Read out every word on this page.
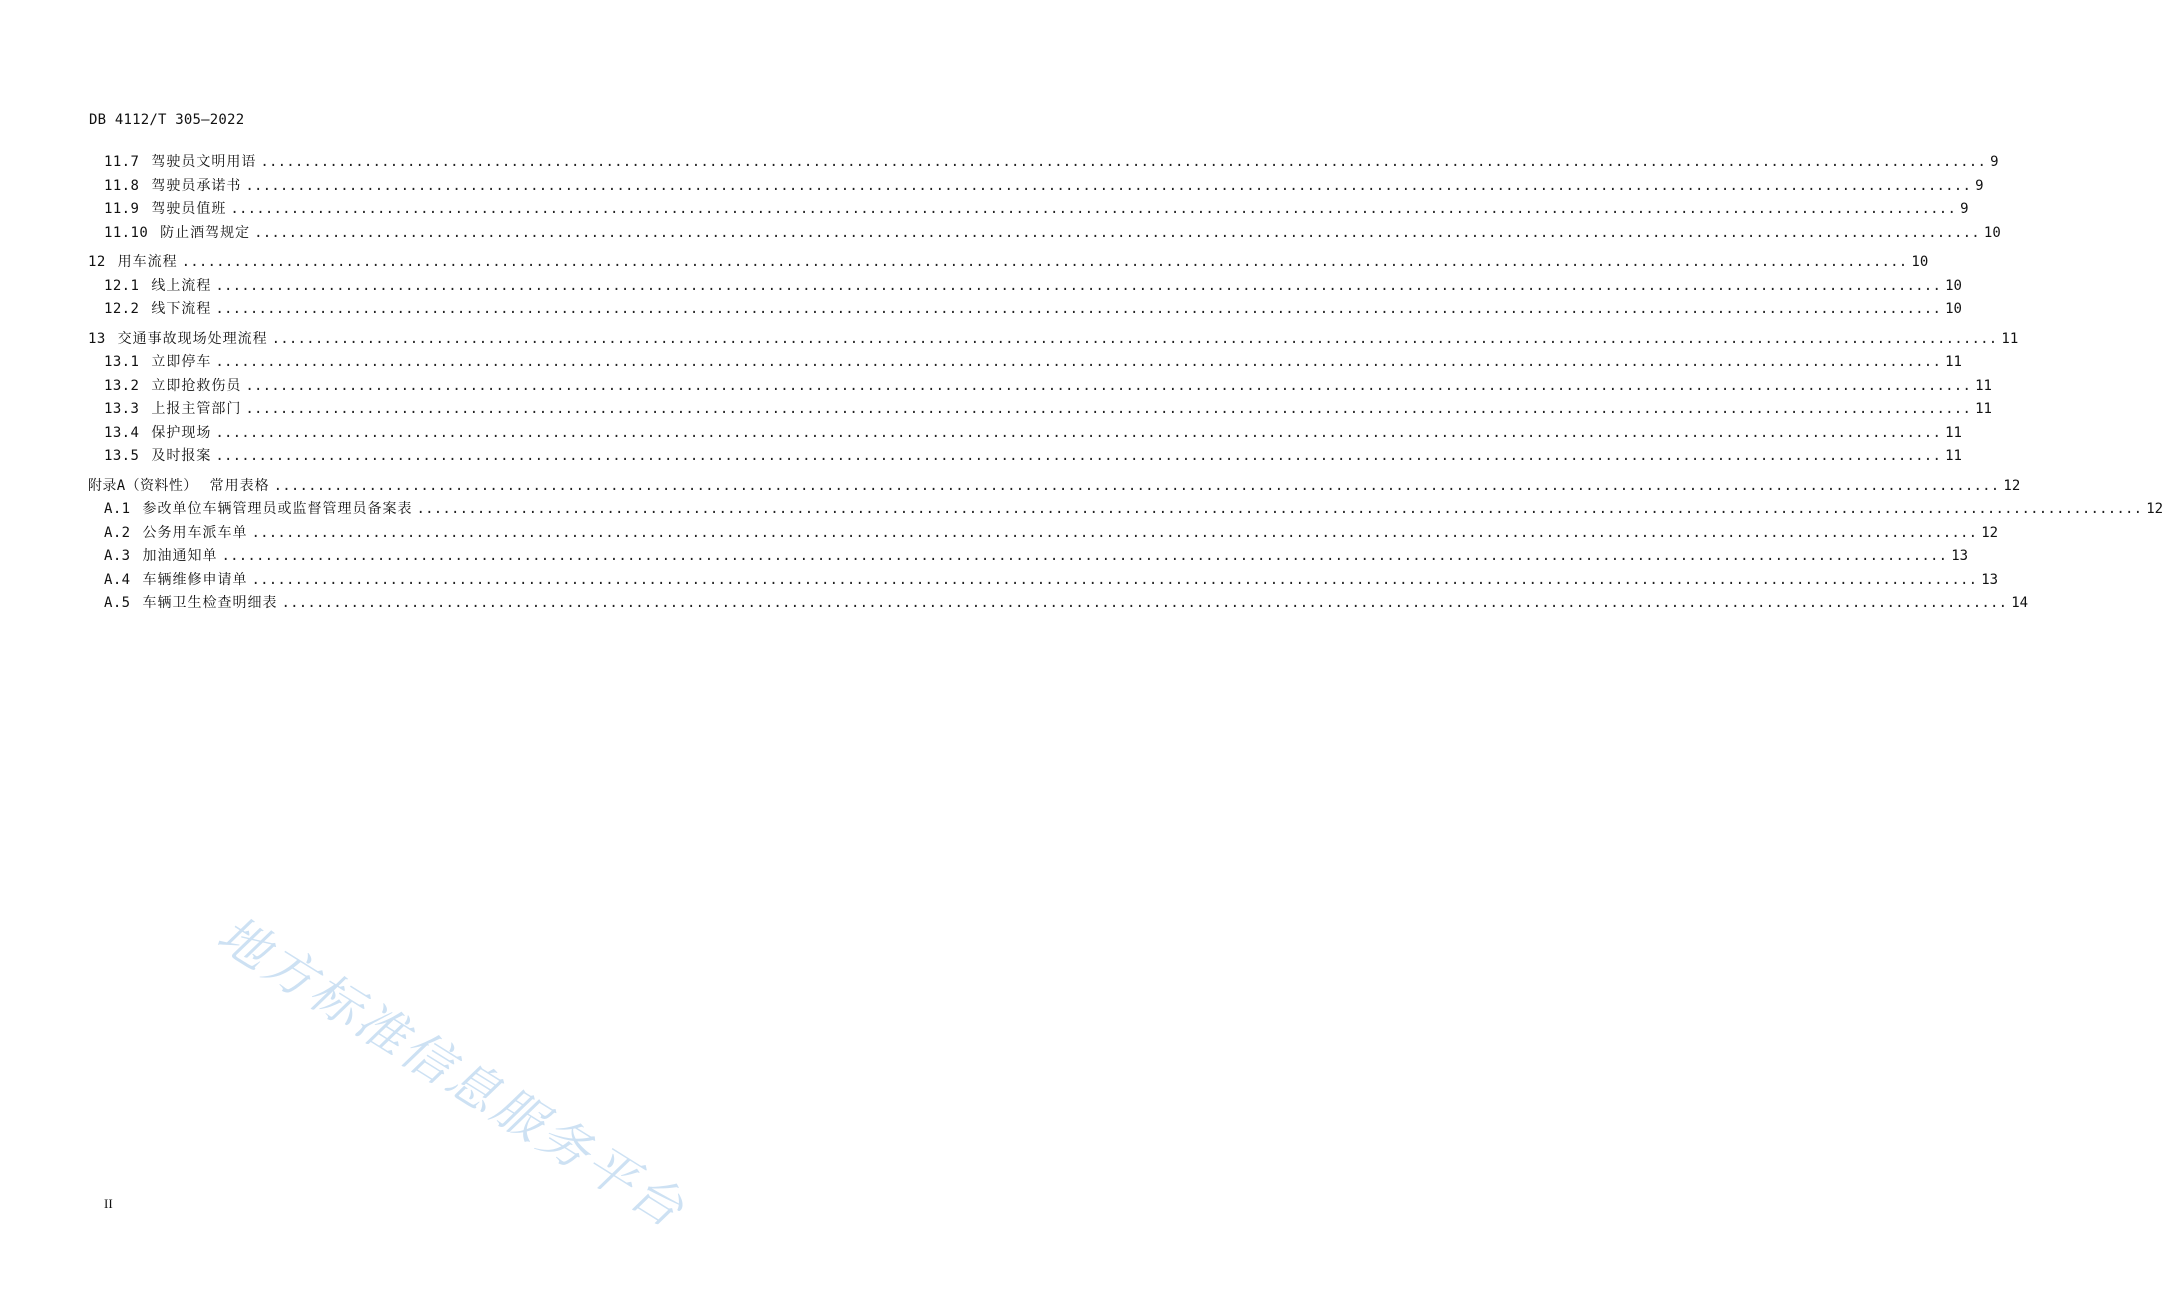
DB 4112/T 305—2022
11.7 驾驶员文明用语 ........................................................................................................................................................................................................ 9
11.8 驾驶员承诺书 ........................................................................................................................................................................................................ 9
11.9 驾驶员值班 ........................................................................................................................................................................................................ 9
11.10 防止酒驾规定 ........................................................................................................................................................................................................ 10
12 用车流程 ........................................................................................................................................................................................................ 10
12.1 线上流程 ........................................................................................................................................................................................................ 10
12.2 线下流程 ........................................................................................................................................................................................................ 10
13 交通事故现场处理流程 ........................................................................................................................................................................................................ 11
13.1 立即停车 ........................................................................................................................................................................................................ 11
13.2 立即抢救伤员 ........................................................................................................................................................................................................ 11
13.3 上报主管部门 ........................................................................................................................................................................................................ 11
13.4 保护现场 ........................................................................................................................................................................................................ 11
13.5 及时报案 ........................................................................................................................................................................................................ 11
附录A（资料性） 常用表格 ........................................................................................................................................................................................................ 12
A.1 参改单位车辆管理员或监督管理员备案表 ........................................................................................................................................................................................................ 12
A.2 公务用车派车单 ........................................................................................................................................................................................................ 12
A.3 加油通知单 ........................................................................................................................................................................................................ 13
A.4 车辆维修申请单 ........................................................................................................................................................................................................ 13
A.5 车辆卫生检查明细表 ........................................................................................................................................................................................................ 14
地方标准信息服务平台
II
